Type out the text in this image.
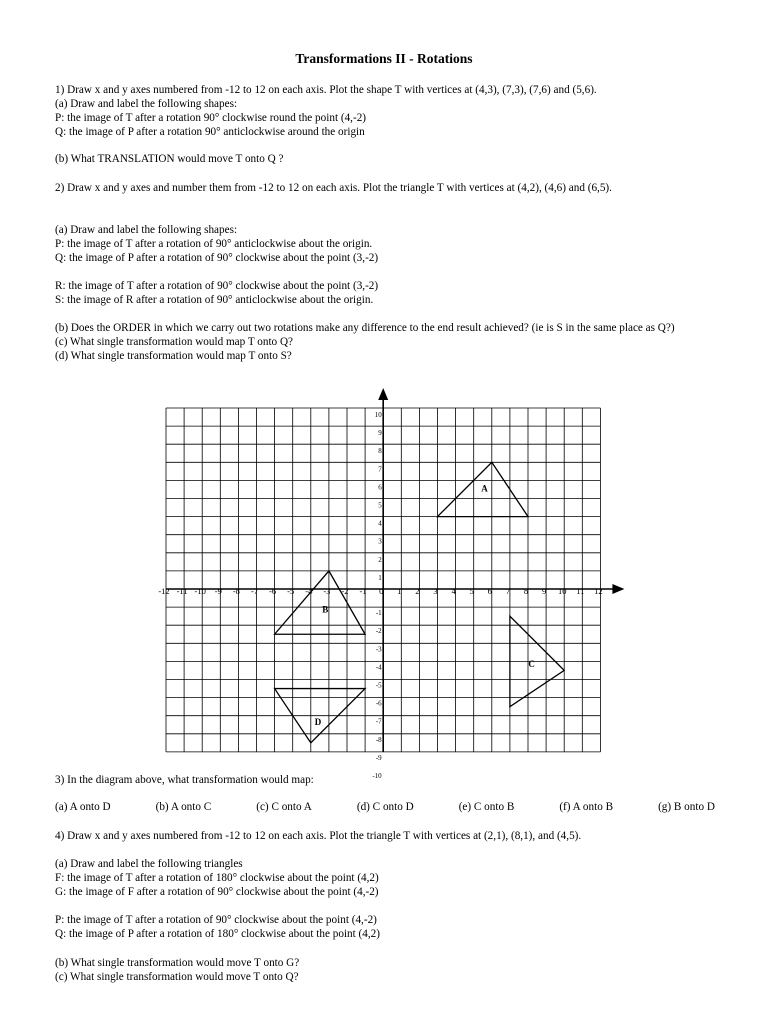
Transformations II - Rotations

1) Draw x and y axes numbered from -12 to 12 on each axis. Plot the shape T with vertices at (4,3), (7,3), (7,6) and (5,6).

(a) Draw and label the following shapes:

P: the image of T after a rotation 90° clockwise round the point (4,-2)

Q: the image of P after a rotation 90° anticlockwise around the origin

(b) What TRANSLATION would move T onto Q ?

2) Draw x and y axes and number them from -12 to 12 on each axis. Plot the triangle T with vertices at (4,2), (4,6) and (6,5).

(a) Draw and label the following shapes:

P: the image of T after a rotation of 90° anticlockwise about the origin.

Q: the image of P after a rotation of 90° clockwise about the point (3,-2)

R: the image of T after a rotation of 90° clockwise about the point (3,-2)

S: the image of R after a rotation of 90° anticlockwise about the origin.

(b) Does the ORDER in which we carry out two rotations make any difference to the end result achieved? (ie is S in the same place as Q?)

(c) What single transformation would map T onto Q?

(d) What single transformation would map T onto S?

-12 -11 -10 -9 -8 -7 -6 -5 -4 -3 -2 -1 0 1 2 3 4 5 6 7 8 9 10 11 12
1
2
3
4
5
6
7
8
9
10
-1
-2
-3
-4
-5
-6
-7
-8
-9
-10
A
B
C
D

3) In the diagram above, what transformation would map:

(a) A onto D	(b) A onto C	(c) C onto A	(d) C onto D	(e) C onto B	(f) A onto B	(g) B onto D

4) Draw x and y axes numbered from -12 to 12 on each axis. Plot the triangle T with vertices at (2,1), (8,1), and (4,5).

(a) Draw and label the following triangles

F: the image of T after a rotation of 180° clockwise about the point (4,2)

G: the image of F after a rotation of 90° clockwise about the point (4,-2)

P: the image of T after a rotation of 90° clockwise about the point (4,-2)

Q: the image of P after a rotation of 180° clockwise about the point (4,2)

(b) What single transformation would move T onto G?

(c) What single transformation would move T onto Q?
